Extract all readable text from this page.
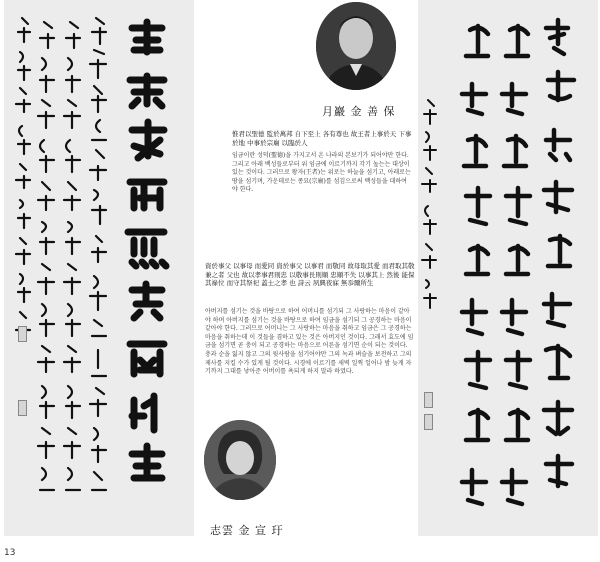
月巖 金 善 保

惟君以聖德 監於萬邦 自下至上 各有尊也 故王者上事於天 下事於地 中事於宗廟 以臨於人

임금이란 성덕(聖德)을 가지고서 온 나라의 본보기가 되어야만 한다. 그리고 아래 백성들로부터 위 임금에 이르기까지 각기 높는는 대상이 있는 것이다. 그러므로 왕자(王者)는 위로는 하늘을 섬기고, 아래로는 땅을 섬기며, 가운데로는 종묘(宗廟)를 섬김으로써 백성들을 대하여야 한다.

資於事父 以事母 而愛同 資於事父 以事君 而敬同 故母取其愛 而君取其敬 兼之者 父也 故以孝事君則忠 以敬事長則順 忠順不失 以事其上 然後 能保其祿位 而守其祭祀 蓋士之孝 也 詩云 夙興夜寐 無忝爾所生

아버지를 섬기는 것을 바탕으로 하여 어머니를 섬기되 그 사랑하는 마음이 같아야 하며 아버지를 섬기는 것을 바탕으로 하여 임금을 섬기되 그 공경하는 마음이 같아야 한다. 그러므로 어머니는 그 사랑하는 마음을 취하고 임금은 그 공경하는 마음을 취하는데 이 것들을 겸하고 있는 것은 아버지인 것이다. 그래서 효도에 임금을 섬기면 곧 충이 되고 공경하는 마음으로 어른을 섬기면 순이 되는 것이다. 충과 순을 잃지 않고 그의 윗사람을 섬기어야만 그의 녹과 벼슬을 보전하고 그의 제사를 지킬 수가 있게 될 것이다. 시경에 이르기를 새벽 일찍 일어나 밤 늦게 자기까지 그대를 낳아준 어버이를 욕되게 하지 말라 하였다.

志雲 金 宣 玗
13
